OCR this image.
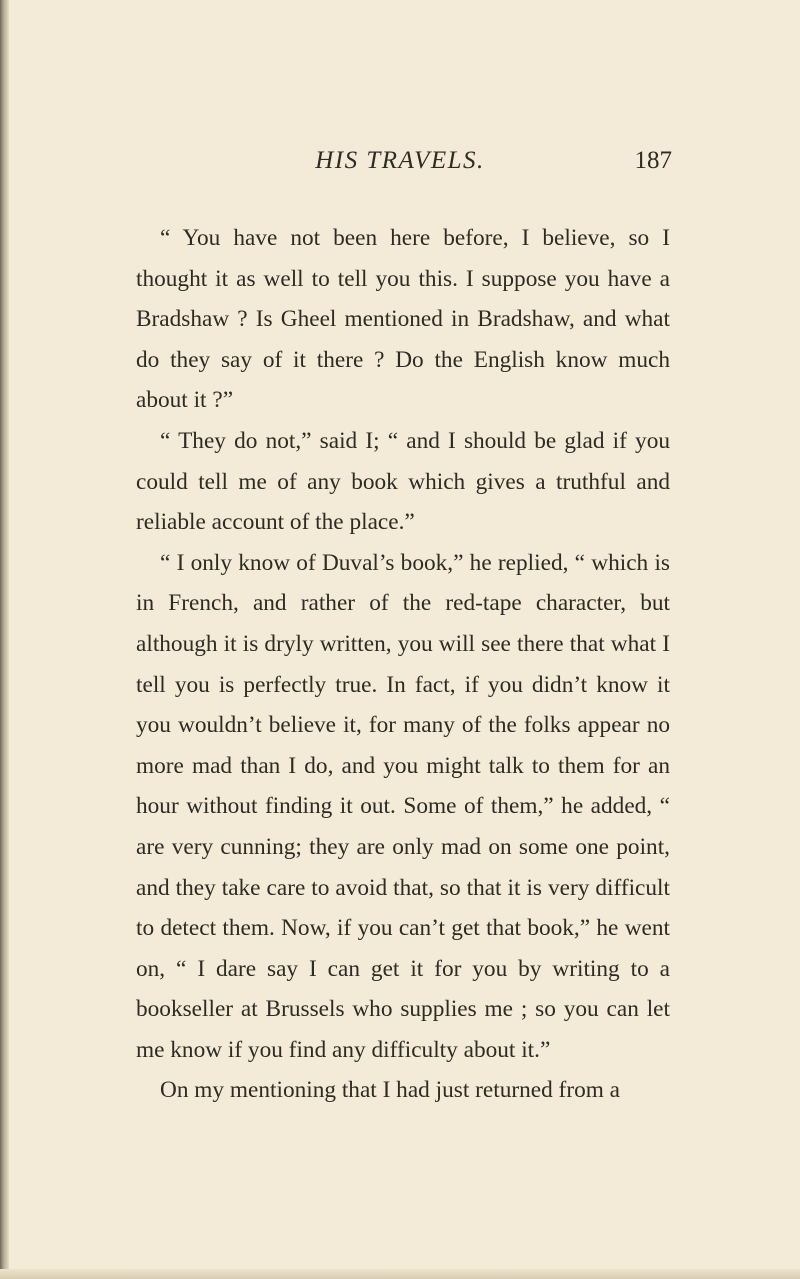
HIS TRAVELS.	187

“ You have not been here before, I believe, so I thought it as well to tell you this. I suppose you have a Bradshaw ? Is Gheel mentioned in Bradshaw, and what do they say of it there ? Do the English know much about it ?”

“ They do not,” said I; “ and I should be glad if you could tell me of any book which gives a truthful and reliable account of the place.”

“ I only know of Duval’s book,” he replied, “ which is in French, and rather of the red-tape character, but although it is dryly written, you will see there that what I tell you is perfectly true. In fact, if you didn’t know it you wouldn’t believe it, for many of the folks appear no more mad than I do, and you might talk to them for an hour without finding it out. Some of them,” he added, “ are very cunning; they are only mad on some one point, and they take care to avoid that, so that it is very difficult to detect them. Now, if you can’t get that book,” he went on, “ I dare say I can get it for you by writing to a bookseller at Brussels who supplies me ; so you can let me know if you find any difficulty about it.”

On my mentioning that I had just returned from a
